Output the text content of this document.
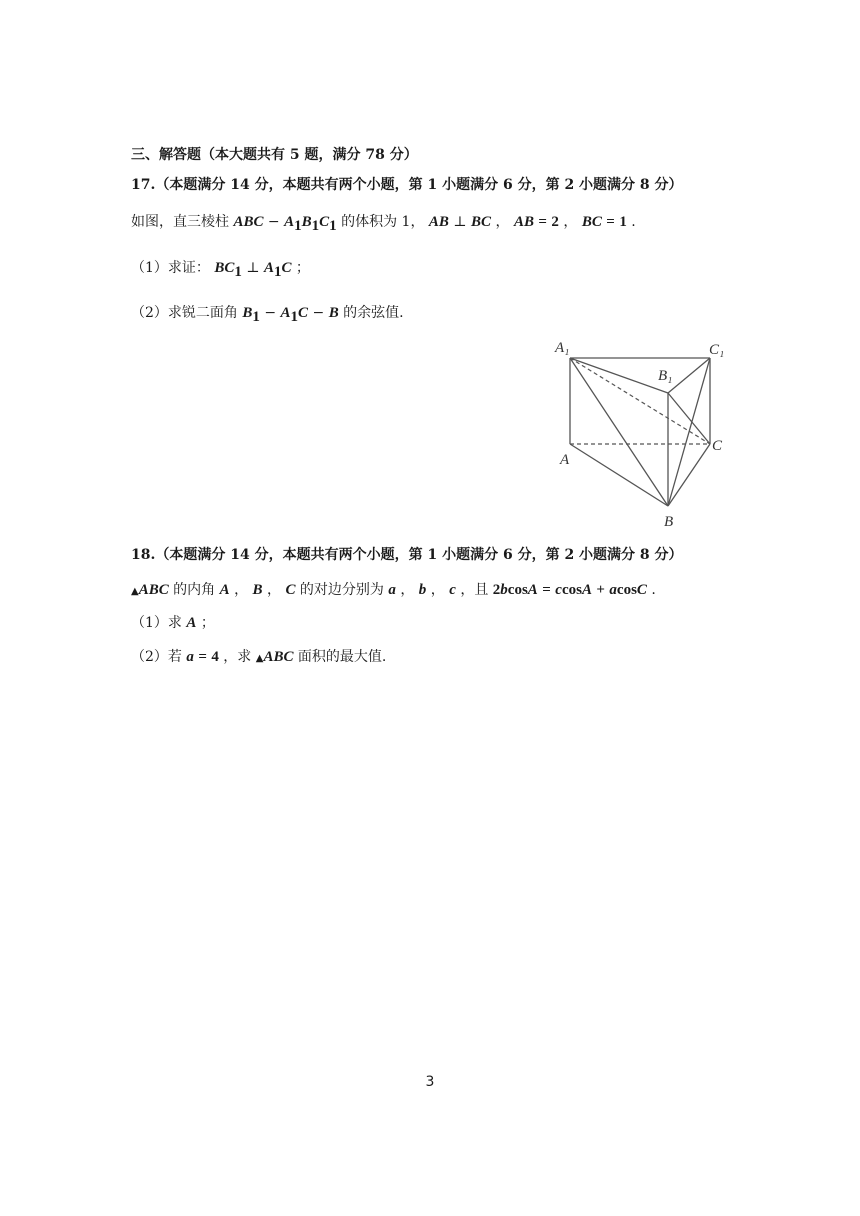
三、解答题（本大题共有 5 题，满分 78 分）
17.（本题满分 14 分，本题共有两个小题，第 1 小题满分 6 分，第 2 小题满分 8 分）
如图，直三棱柱 ABC − $A_1B_1C_1$ 的体积为 1， AB ⊥ BC ， AB = 2 ， BC = 1 .
（1）求证： $BC_1$ ⊥ $A_1C$ ；
（2）求锐二面角 $B_1 - A_1C - B$ 的余弦值.
A₁
B₁
C₁
A
B
C
18.（本题满分 14 分，本题共有两个小题，第 1 小题满分 6 分，第 2 小题满分 8 分）
▲ABC 的内角 A ， B ， C 的对边分别为 a ， b ， c ，且 2bcosA = ccosA + acosC .
（1）求 A ；
（2）若 a = 4 ，求 ▲ABC 面积的最大值.
3
